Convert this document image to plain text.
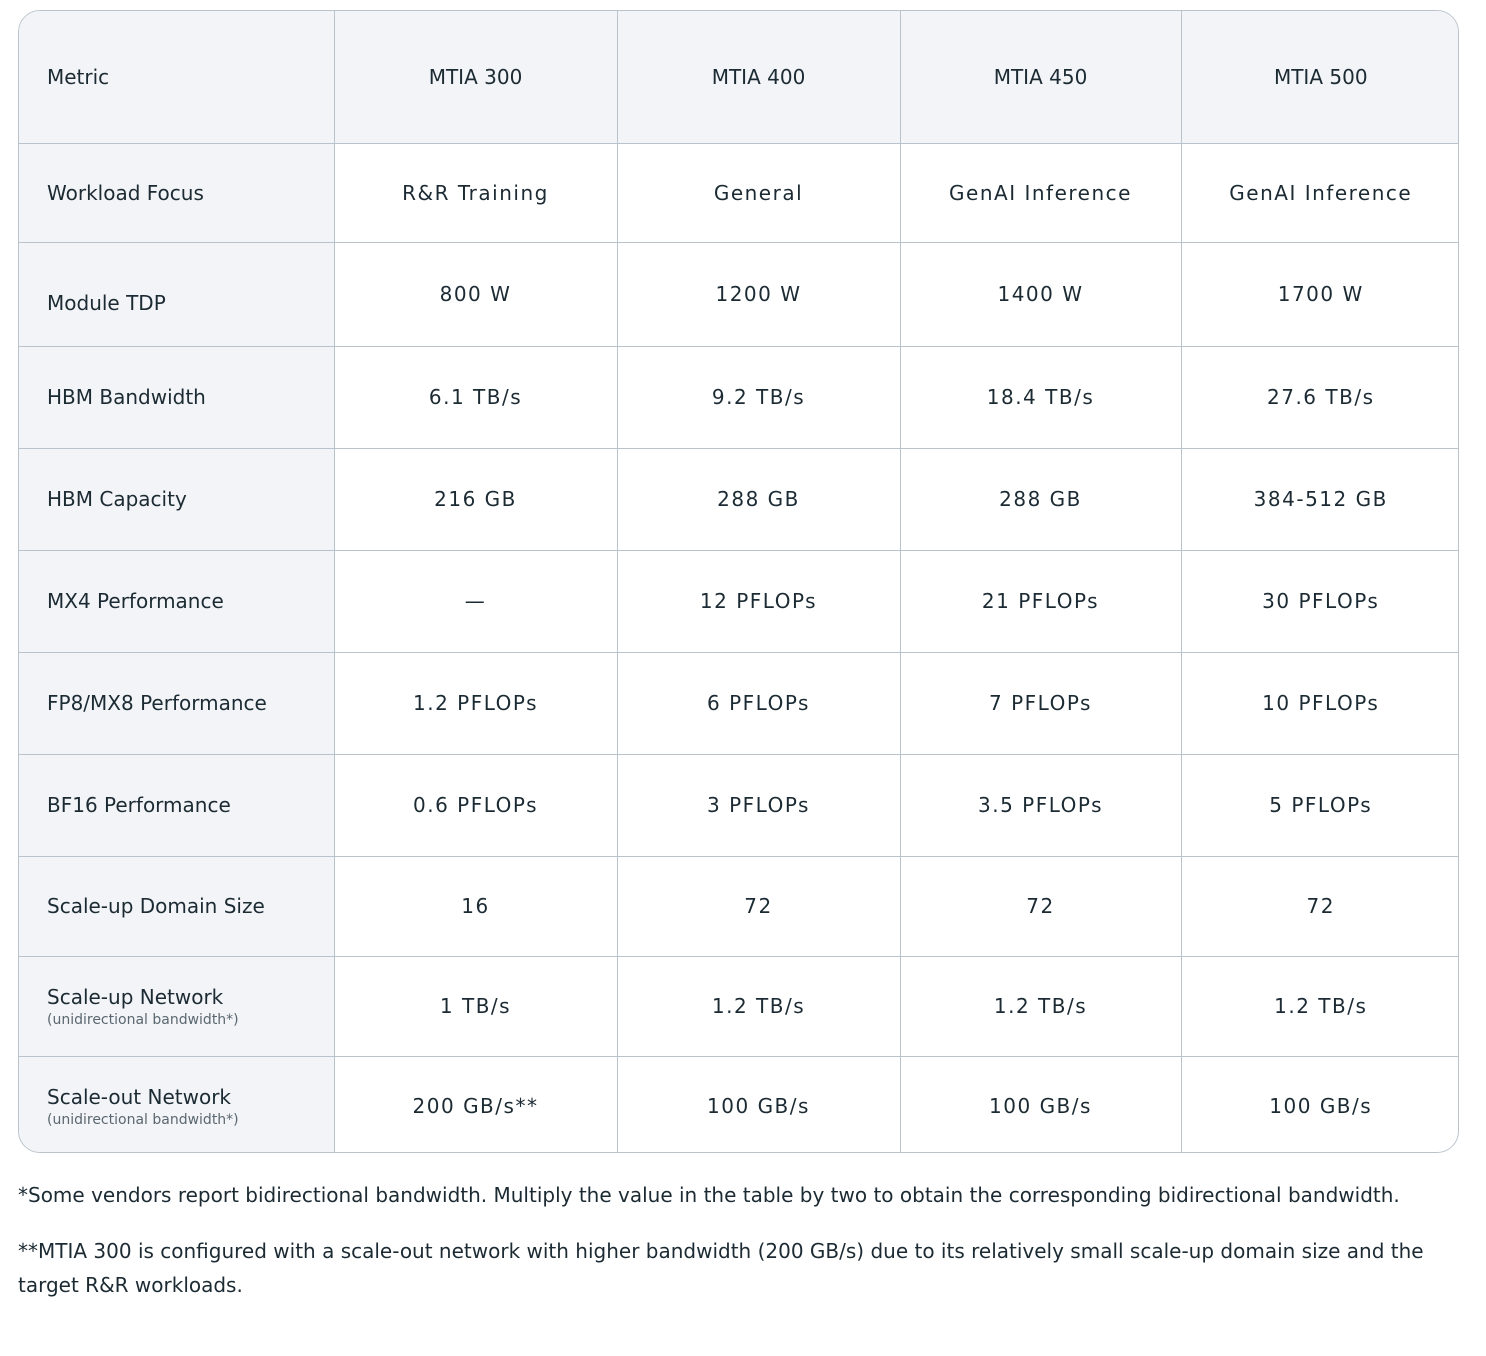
Metric	MTIA 300	MTIA 400	MTIA 450	MTIA 500

Workload Focus	R&R Training	General	GenAI Inference	GenAI Inference

Module TDP	800 W	1200 W	1400 W	1700 W

HBM Bandwidth	6.1 TB/s	9.2 TB/s	18.4 TB/s	27.6 TB/s

HBM Capacity	216 GB	288 GB	288 GB	384-512 GB

MX4 Performance	—	12 PFLOPs	21 PFLOPs	30 PFLOPs

FP8/MX8 Performance	1.2 PFLOPs	6 PFLOPs	7 PFLOPs	10 PFLOPs

BF16 Performance	0.6 PFLOPs	3 PFLOPs	3.5 PFLOPs	5 PFLOPs

Scale-up Domain Size	16	72	72	72

Scale-up Network
(unidirectional bandwidth*)	1 TB/s	1.2 TB/s	1.2 TB/s	1.2 TB/s

Scale-out Network
(unidirectional bandwidth*)	200 GB/s**	100 GB/s	100 GB/s	100 GB/s

*Some vendors report bidirectional bandwidth. Multiply the value in the table by two to obtain the corresponding bidirectional bandwidth.

**MTIA 300 is configured with a scale-out network with higher bandwidth (200 GB/s) due to its relatively small scale-up domain size and the target R&R workloads.
